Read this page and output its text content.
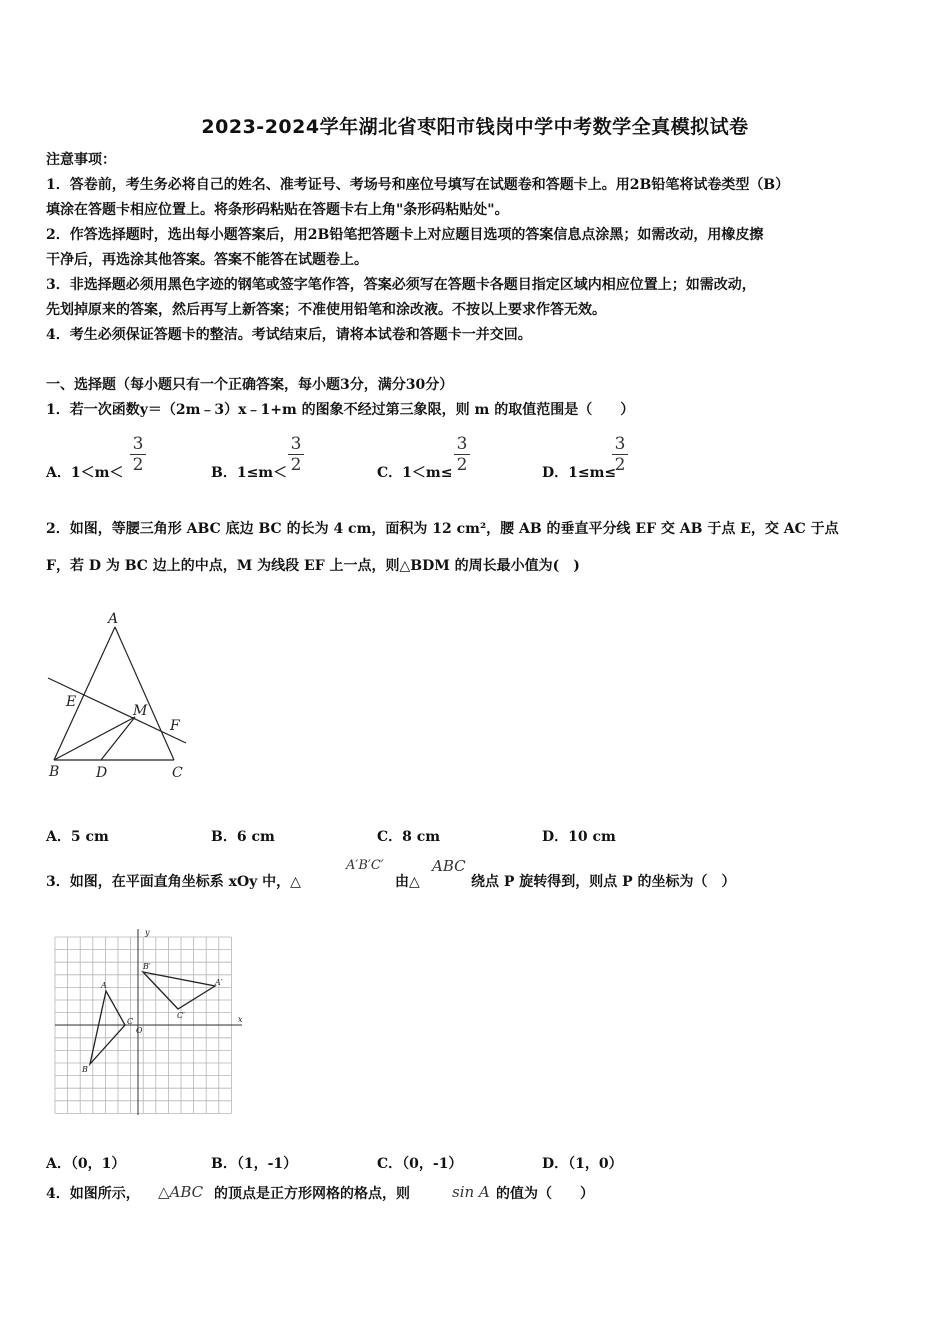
2023-2024学年湖北省枣阳市钱岗中学中考数学全真模拟试卷
注意事项：
1．答卷前，考生务必将自己的姓名、准考证号、考场号和座位号填写在试题卷和答题卡上。用2B铅笔将试卷类型（B）
填涂在答题卡相应位置上。将条形码粘贴在答题卡右上角"条形码粘贴处"。
2．作答选择题时，选出每小题答案后，用2B铅笔把答题卡上对应题目选项的答案信息点涂黑；如需改动，用橡皮擦
干净后，再选涂其他答案。答案不能答在试题卷上。
3．非选择题必须用黑色字迹的钢笔或签字笔作答，答案必须写在答题卡各题目指定区域内相应位置上；如需改动，
先划掉原来的答案，然后再写上新答案；不准使用铅笔和涂改液。不按以上要求作答无效。
4．考生必须保证答题卡的整洁。考试结束后，请将本试卷和答题卡一并交回。
一、选择题（每小题只有一个正确答案，每小题3分，满分30分）
1．若一次函数y＝（2m﹣3）x﹣1+m 的图象不经过第三象限，则 m 的取值范围是（　　）
A．1＜m＜
3
2	B．1≤m＜
3
2	C．1＜m≤
3
2	D．1≤m≤
3
2
2．如图，等腰三角形 ABC 底边 BC 的长为 4 cm，面积为 12 cm²，腰 AB 的垂直平分线 EF 交 AB 于点 E，交 AC 于点
F，若 D 为 BC 边上的中点，M 为线段 EF 上一点，则△BDM 的周长最小值为(　)
A
E
M
F
B	D	C
A．5 cm	B．6 cm	C．8 cm	D．10 cm
3．如图，在平面直角坐标系 xOy 中，△
A′B′C′
由△
ABC
绕点 P 旋转得到，则点 P 的坐标为（　）
y
x
O
A
B
C
A′
B′
C′
A．（0，1）	B．（1，-1）	C．（0，-1）	D．（1，0）
4．如图所示， △ABC 的顶点是正方形网格的格点，则	sin A 的值为（　　）
